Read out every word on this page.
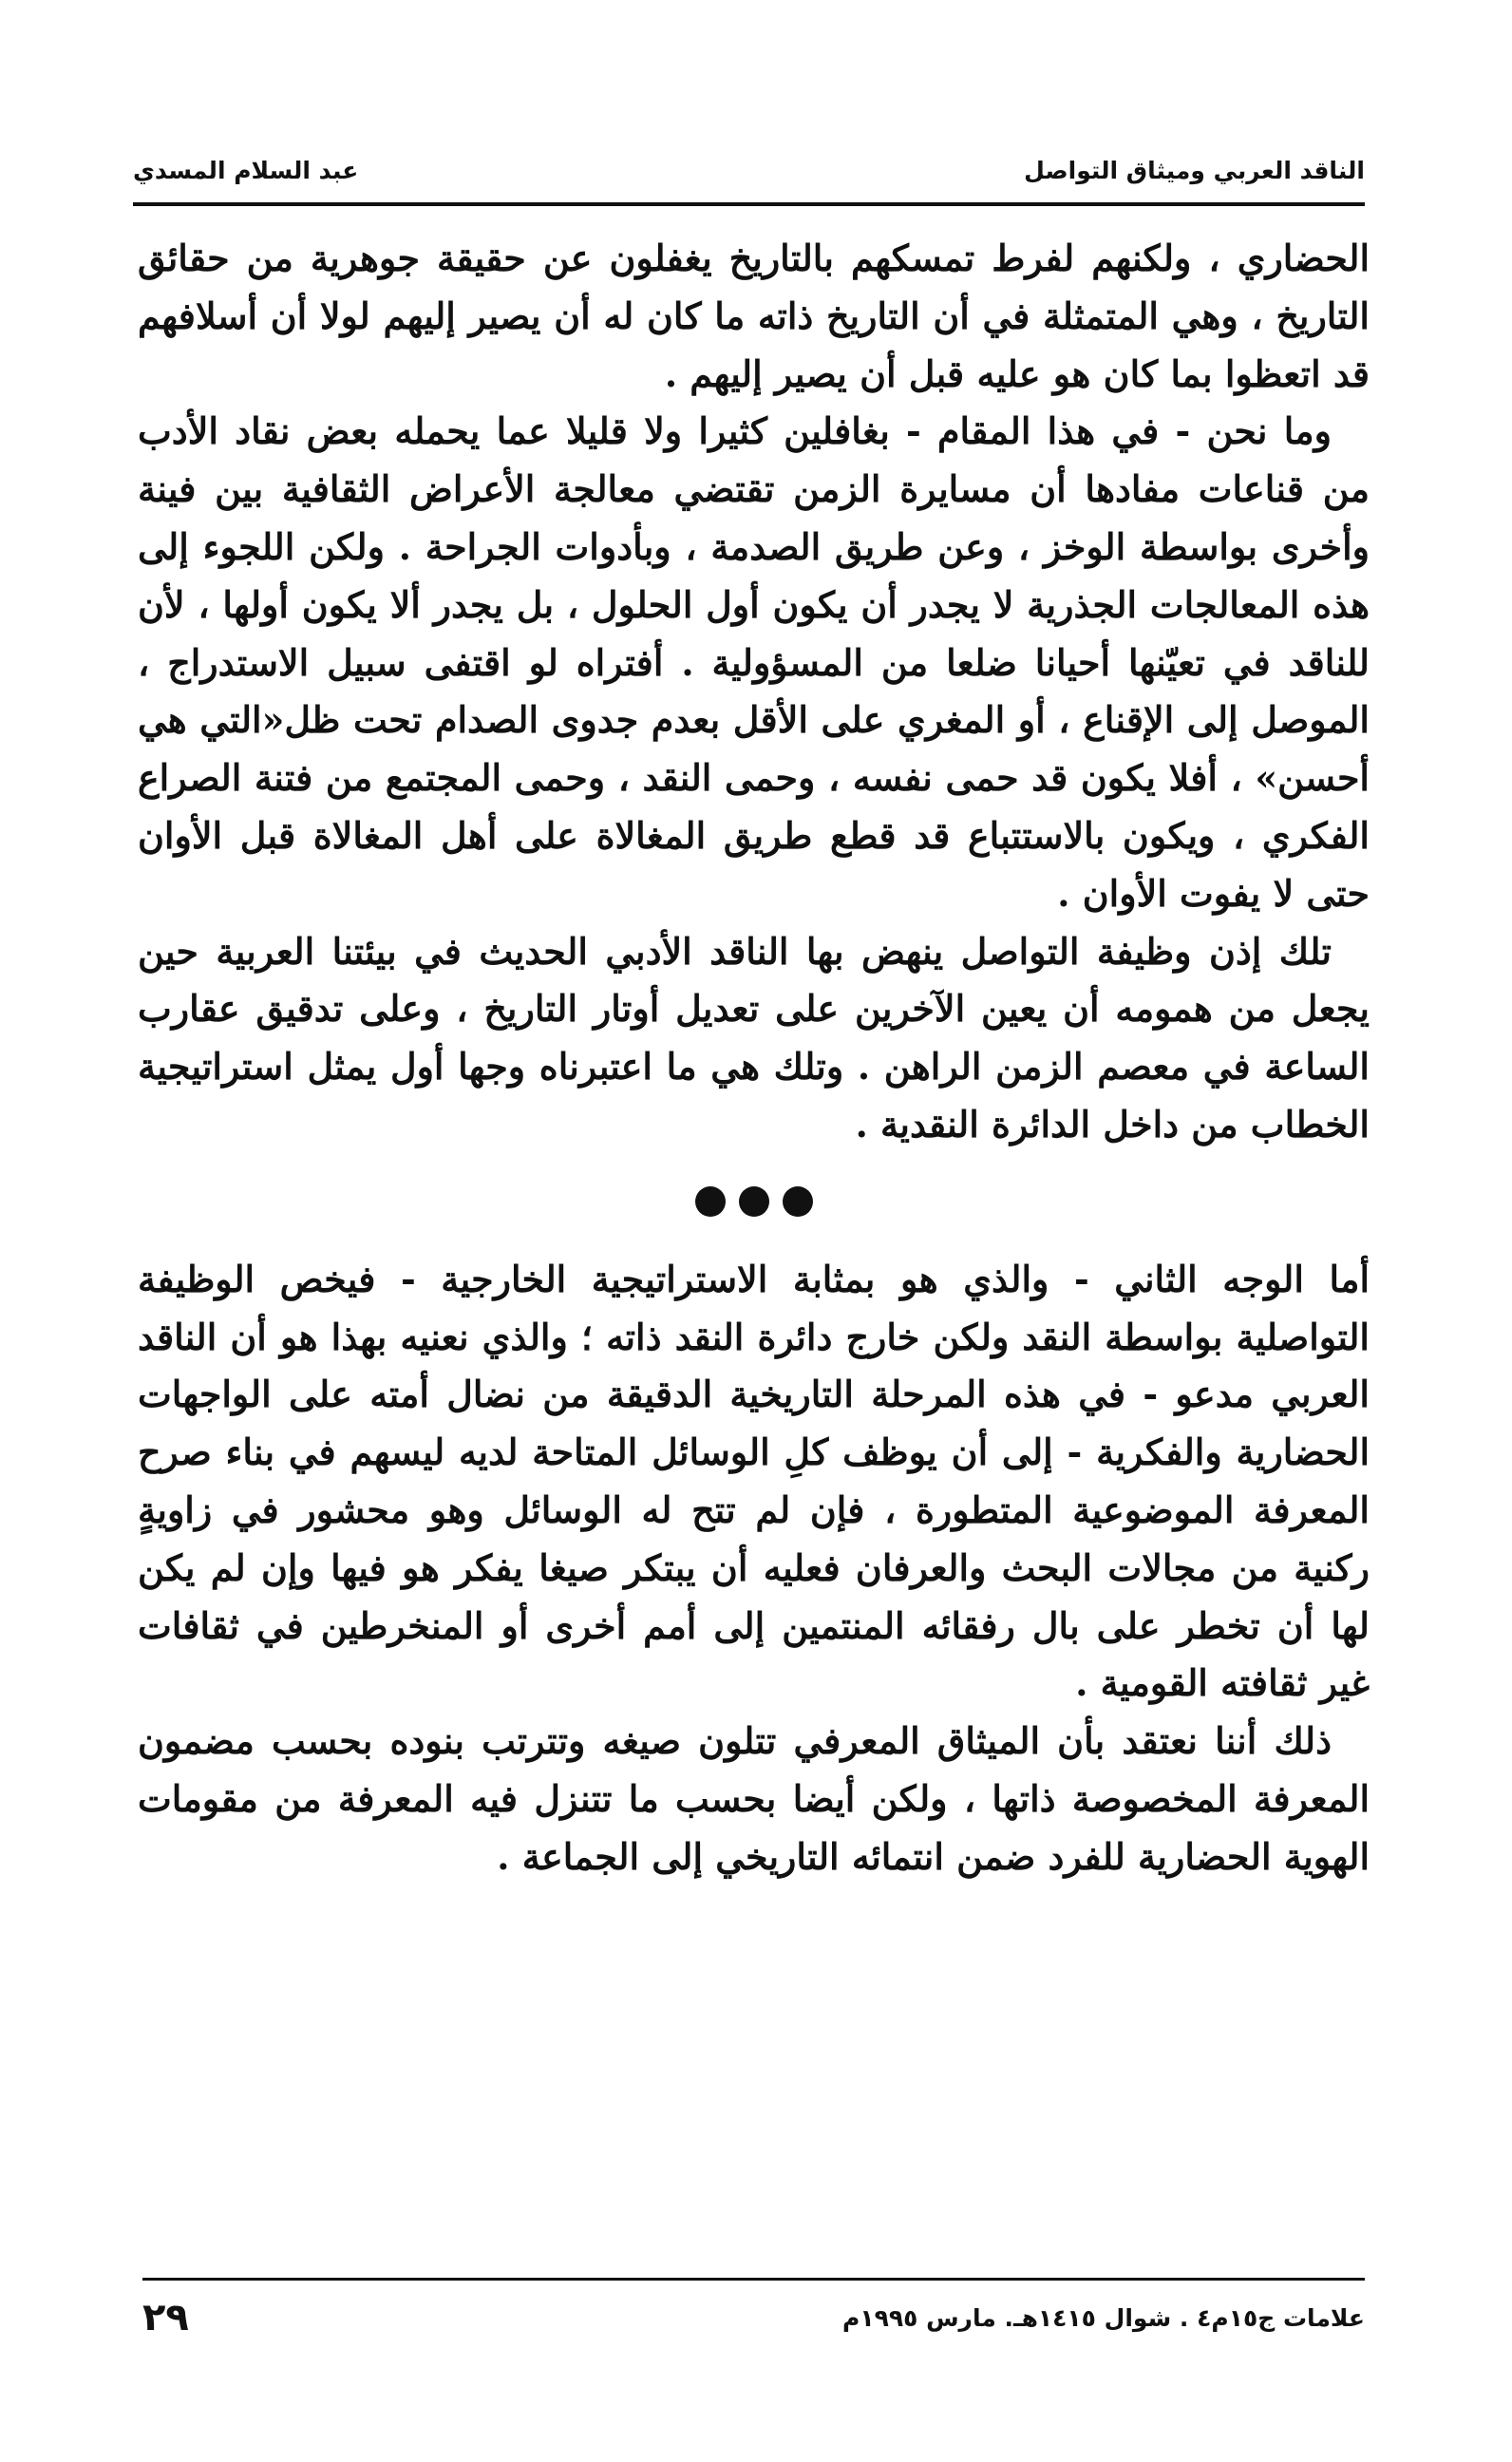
الناقد العربي وميثاق التواصل
عبد السلام المسدي

الحضاري ، ولكنهم لفرط تمسكهم بالتاريخ يغفلون عن حقيقة جوهرية من حقائق التاريخ ، وهي المتمثلة في أن التاريخ ذاته ما كان له أن يصير إليهم لولا أن أسلافهم قد اتعظوا بما كان هو عليه قبل أن يصير إليهم .

وما نحن - في هذا المقام - بغافلين كثيرا ولا قليلا عما يحمله بعض نقاد الأدب من قناعات مفادها أن مسايرة الزمن تقتضي معالجة الأعراض الثقافية بين فينة وأخرى بواسطة الوخز ، وعن طريق الصدمة ، وبأدوات الجراحة . ولكن اللجوء إلى هذه المعالجات الجذرية لا يجدر أن يكون أول الحلول ، بل يجدر ألا يكون أولها ، لأن للناقد في تعيّنها أحيانا ضلعا من المسؤولية . أفتراه لو اقتفى سبيل الاستدراج ، الموصل إلى الإقناع ، أو المغري على الأقل بعدم جدوى الصدام تحت ظل«التي هي أحسن» ، أفلا يكون قد حمى نفسه ، وحمى النقد ، وحمى المجتمع من فتنة الصراع الفكري ، ويكون بالاستتباع قد قطع طريق المغالاة على أهل المغالاة قبل الأوان حتى لا يفوت الأوان .

تلك إذن وظيفة التواصل ينهض بها الناقد الأدبي الحديث في بيئتنا العربية حين يجعل من همومه أن يعين الآخرين على تعديل أوتار التاريخ ، وعلى تدقيق عقارب الساعة في معصم الزمن الراهن . وتلك هي ما اعتبرناه وجها أول يمثل استراتيجية الخطاب من داخل الدائرة النقدية .

أما الوجه الثاني - والذي هو بمثابة الاستراتيجية الخارجية - فيخص الوظيفة التواصلية بواسطة النقد ولكن خارج دائرة النقد ذاته ؛ والذي نعنيه بهذا هو أن الناقد العربي مدعو - في هذه المرحلة التاريخية الدقيقة من نضال أمته على الواجهات الحضارية والفكرية - إلى أن يوظف كلِ الوسائل المتاحة لديه ليسهم في بناء صرح المعرفة الموضوعية المتطورة ، فإن لم تتح له الوسائل وهو محشور في زاويةٍ ركنية من مجالات البحث والعرفان فعليه أن يبتكر صيغا يفكر هو فيها وإن لم يكن لها أن تخطر على بال رفقائه المنتمين إلى أمم أخرى أو المنخرطين في ثقافات غير ثقافته القومية .

ذلك أننا نعتقد بأن الميثاق المعرفي تتلون صيغه وتترتب بنوده بحسب مضمون المعرفة المخصوصة ذاتها ، ولكن أيضا بحسب ما تتنزل فيه المعرفة من مقومات الهوية الحضارية للفرد ضمن انتمائه التاريخي إلى الجماعة .

علامات ج١٥م٤ . شوال ١٤١٥هـ. مارس ١٩٩٥م
٢٩
